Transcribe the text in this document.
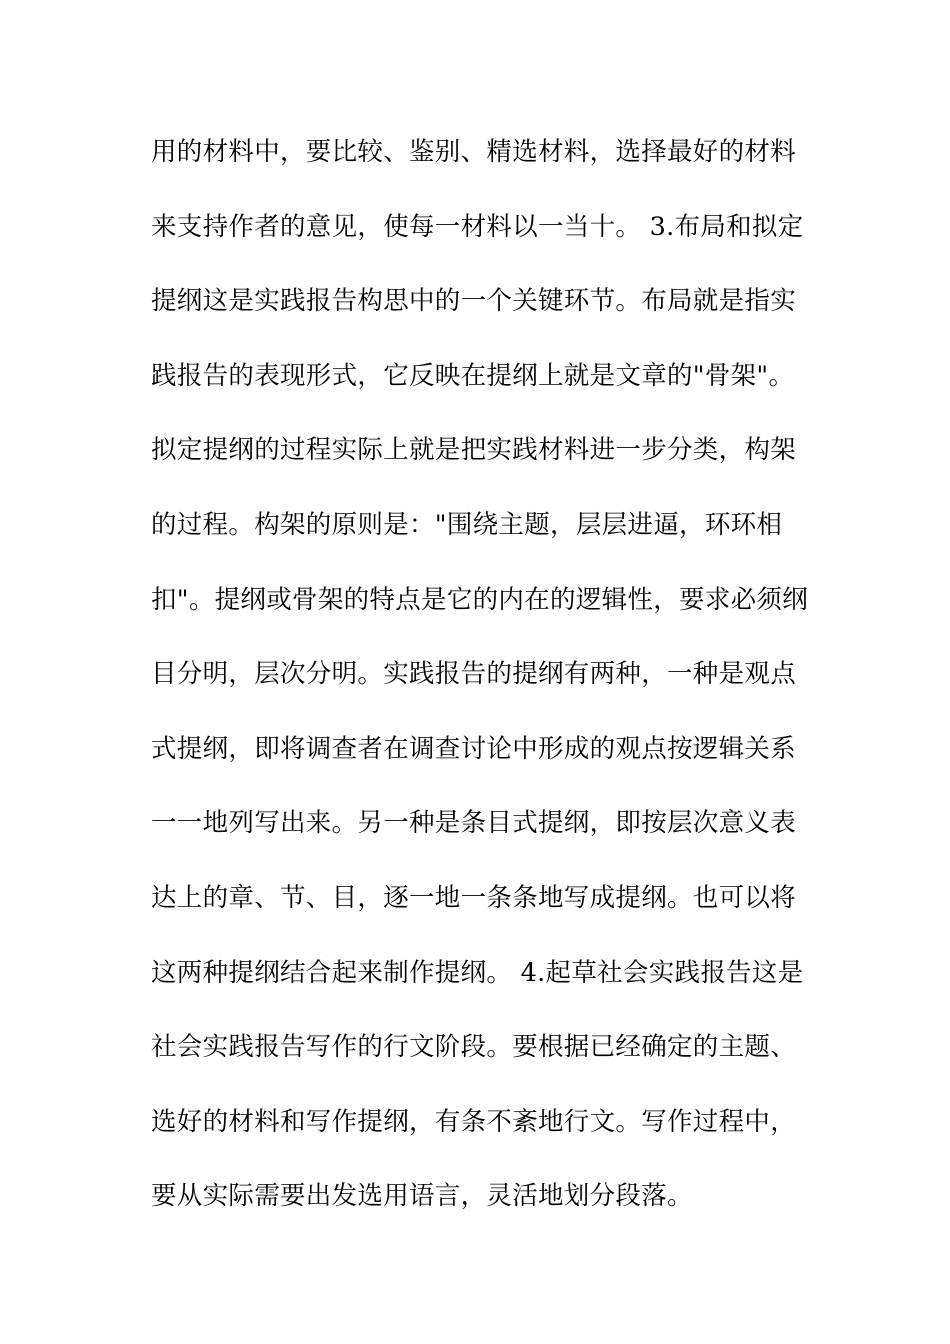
用的材料中，要比较、鉴别、精选材料，选择最好的材料
来支持作者的意见，使每一材料以一当十。 3.布局和拟定
提纲这是实践报告构思中的一个关键环节。布局就是指实
践报告的表现形式，它反映在提纲上就是文章的"骨架"。
拟定提纲的过程实际上就是把实践材料进一步分类，构架
的过程。构架的原则是："围绕主题，层层进逼，环环相
扣"。提纲或骨架的特点是它的内在的逻辑性，要求必须纲
目分明，层次分明。实践报告的提纲有两种，一种是观点
式提纲，即将调查者在调查讨论中形成的观点按逻辑关系
一一地列写出来。另一种是条目式提纲，即按层次意义表
达上的章、节、目，逐一地一条条地写成提纲。也可以将
这两种提纲结合起来制作提纲。 4.起草社会实践报告这是
社会实践报告写作的行文阶段。要根据已经确定的主题、
选好的材料和写作提纲，有条不紊地行文。写作过程中，
要从实际需要出发选用语言，灵活地划分段落。
